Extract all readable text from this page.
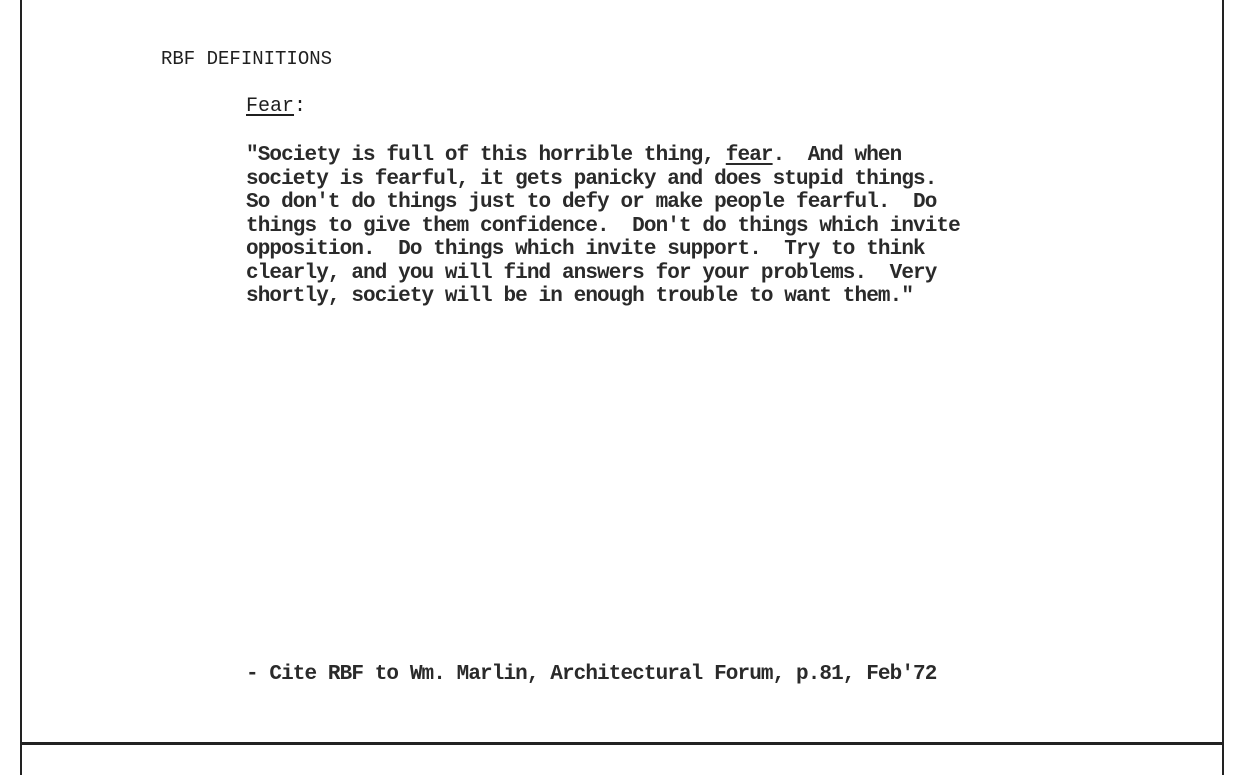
RBF DEFINITIONS
Fear:
"Society is full of this horrible thing, fear.  And when
society is fearful, it gets panicky and does stupid things.
So don't do things just to defy or make people fearful.  Do
things to give them confidence.  Don't do things which invite
opposition.  Do things which invite support.  Try to think
clearly, and you will find answers for your problems.  Very
shortly, society will be in enough trouble to want them."
- Cite RBF to Wm. Marlin, Architectural Forum, p.81, Feb'72
